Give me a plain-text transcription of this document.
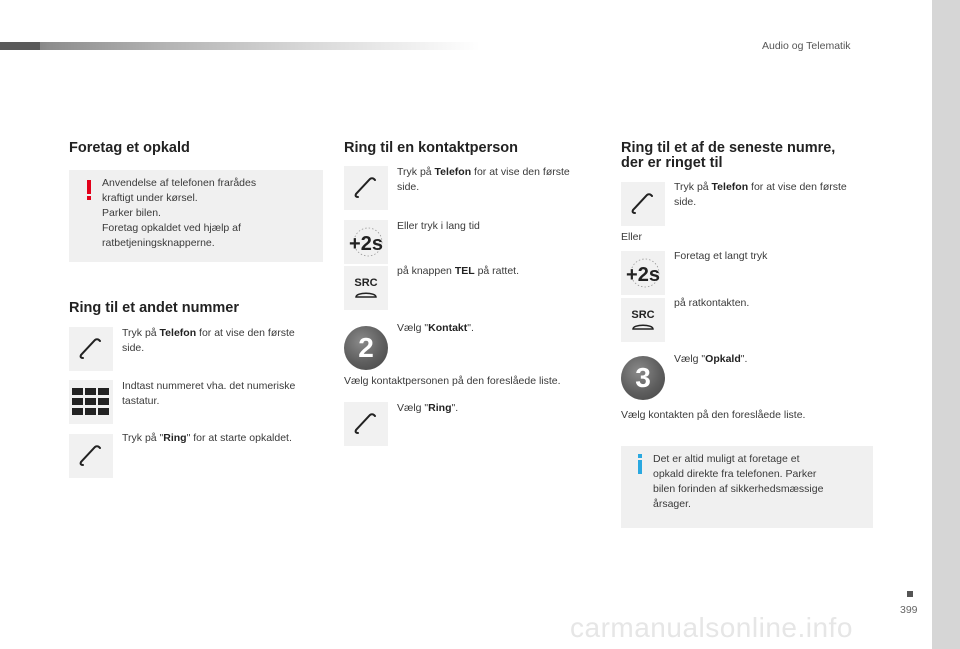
Audio og Telematik
Foretag et opkald
Anvendelse af telefonen frarådes
kraftigt under kørsel.
Parker bilen.
Foretag opkaldet ved hjælp af
ratbetjeningsknapperne.
Ring til et andet nummer
Tryk på Telefon for at vise den første
side.
Indtast nummeret vha. det numeriske
tastatur.
Tryk på "Ring" for at starte opkaldet.
Ring til en kontaktperson
Tryk på Telefon for at vise den første
side.
+2s
Eller tryk i lang tid
SRC
på knappen TEL på rattet.
2
Vælg "Kontakt".
Vælg kontaktpersonen på den foreslåede liste.
Vælg "Ring".
Ring til et af de seneste numre,
der er ringet til
Tryk på Telefon for at vise den første
side.
Eller
+2s
Foretag et langt tryk
SRC
på ratkontakten.
3
Vælg "Opkald".
Vælg kontakten på den foreslåede liste.
Det er altid muligt at foretage et
opkald direkte fra telefonen. Parker
bilen forinden af sikkerhedsmæssige
årsager.
399
carmanualsonline.info
